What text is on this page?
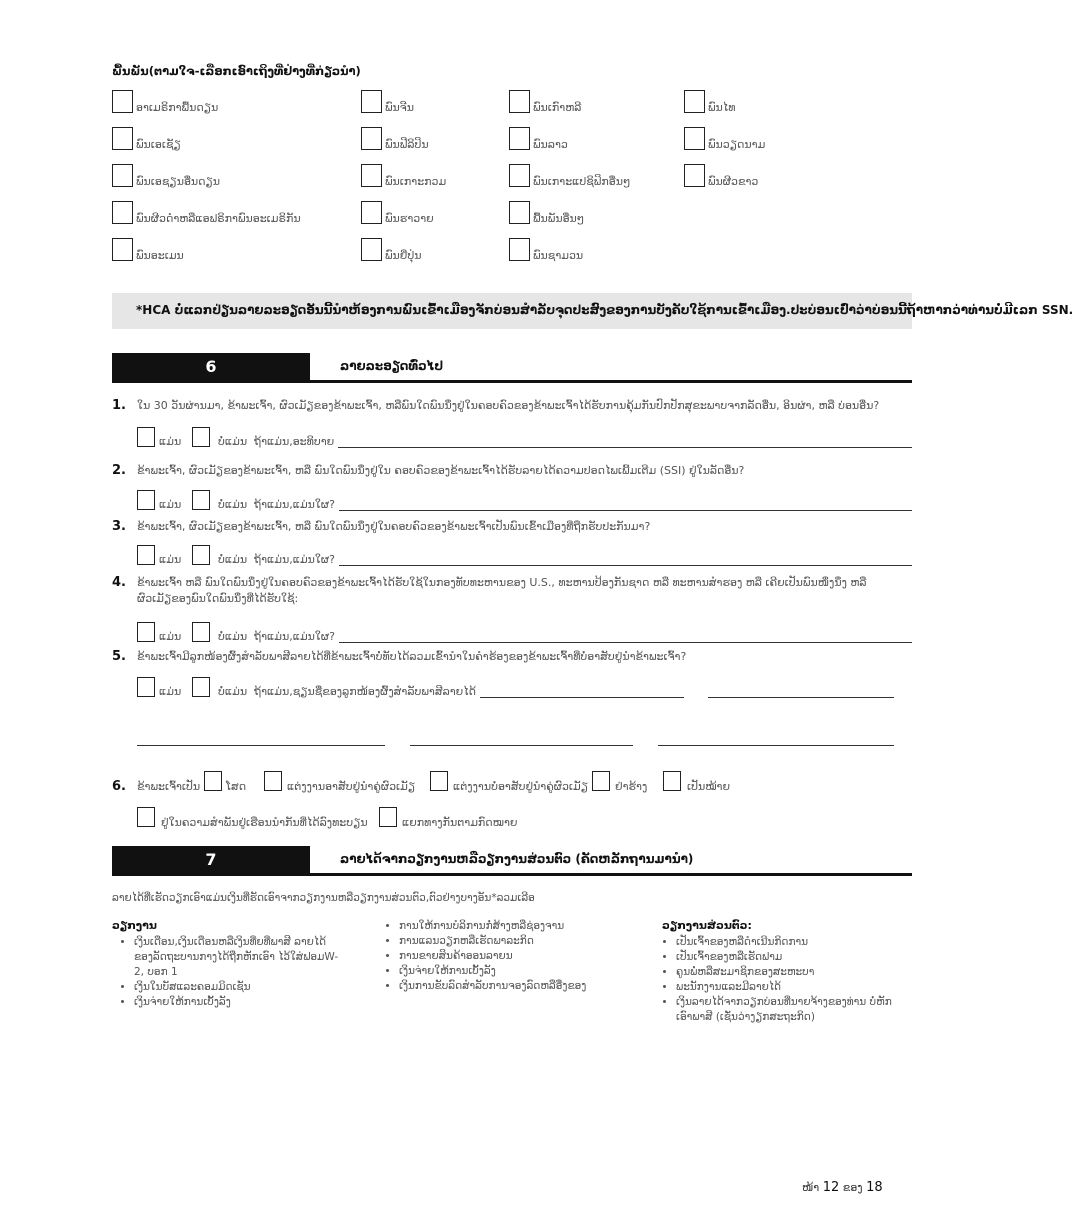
ພື້ນພັນ(ຕາມໃຈ-ເລືອກເອົາເຖິງທີ່ຢ່າງທີ່ກ່ຽວນຳ)
ອາເມຣິກາພື້ນດຽນ	ພົນຈີນ	ພົນເກົາຫລີ	ພົນໄທ
ພົນເອເຊັຽ	ພົນຟີລິປິນ	ພົນລາວ	ພົນວຽດນາມ
ພົນເອຊຽນອື່ນດຽນ	ພົນເກາະກວມ	ພົນເກາະແປຊິຟິກອື່ນໆ	ພົນຜີວຂາວ
ພົນຜີວດຳຫລືແອຟຣິກາພົນອະເມຣິກັນ	ພົນຮາວາຍ	ພື້ນພັນອື່ນໆ
ພົນອະເມນ	ພົນຍີ່ປຸ່ນ	ພົນຊາມວນ
*HCA ບໍ່ແລກປ່ຽນລາຍລະອຽດອັນນີ້ນຳຫ້ອງການພົນເຂົ້າເມືອງຈັກບ່ອນສໍາລັບຈຸດປະສົງຂອງການບັງຄັບໃຊ້ການເຂົ້າເມືອງ.ປະບ່ອນເປົ່າວ່າບ່ອນນີ້ຖ້າຫາກວ່າທ່ານບໍ່ມີເລກ SSN.
6	ລາຍລະອຽດທົ່ວໄປ
1. ໃນ 30 ວັນຜ່ານມາ, ຂ້າພະເຈົ້າ, ຜົວເມັຽຂອງຂ້າພະເຈົ້າ, ຫລືພົນໃດພົນນຶ່ງຢູ່ໃນຄອບຄົວຂອງຂ້າພະເຈົ້າໄດ້ຮັບການຄຸ້ມກັນປົກປັກສຸຂະພາບຈາກລັດອື່ນ, ອິນຜ່າ, ຫລື ບ່ອນອື່ນ?
ແມ່ນ	ບໍ່ແມ່ນ ຖ້າແມ່ນ,ອະທິບາຍ
2. ຂ້າພະເຈົ້າ, ຜົວເມັຽຂອງຂ້າພະເຈົ້າ, ຫລື ພົນໃດພົນນຶ່ງຢູ່ໃນ ຄອບຄົວຂອງຂ້າພະເຈົ້າໄດ້ຮັບລາຍໄດ້ຄວາມປອດໄພເພີ້ມເຕີມ (SSI) ຢູ່ໃນລັດອື່ນ?
ແມ່ນ	ບໍ່ແມ່ນ ຖ້າແມ່ນ,ແມ່ນໃຜ?
3. ຂ້າພະເຈົ້າ, ຜົວເມັຽຂອງຂ້າພະເຈົ້າ, ຫລື ພົນໃດພົນນຶ່ງຢູ່ໃນຄອບຄົວຂອງຂ້າພະເຈົ້າເປັນພົນເຂົ້າເມືອງທີ່ຖືກຮັບປະກັນມາ?
ແມ່ນ	ບໍ່ແມ່ນ ຖ້າແມ່ນ,ແມ່ນໃຜ?
4. ຂ້າພະເຈົ້າ ຫລື ພົນໃດພົນນຶ່ງຢູ່ໃນຄອບຄົວຂອງຂ້າພະເຈົ້າໄດ້ຮັບໃຊ້ໃນກອງທັບທະຫານຂອງ U.S., ທະຫານປ້ອງກັນຊາດ ຫລື ທະຫານສຳຮອງ ຫລື ເຄີຍເປັນພົນໜຶ່ງນຶ່ງ ຫລື
ຜົວເມັຽຂອງພົນໃດພົນນຶ່ງທີ່ໄດ້ຮັບໃຊ້:
ແມ່ນ	ບໍ່ແມ່ນ ຖ້າແມ່ນ,ແມ່ນໃຜ?
5. ຂ້າພະເຈົ້າມີລູກໜ້ອງຜົ້ງສຳລັບພາສີລາຍໄດ້ທີ່ຂ້າພະເຈົ້າບໍ່ທັບໄດ້ລວມເຂົ້ານຳໃນຄຳຮ້ອງຂອງຂ້າພະເຈົ້າທີ່ບໍ່ອາສັບຢູ່ນຳຂ້າພະເຈົ້າ?
ແມ່ນ	ບໍ່ແມ່ນ ຖ້າແມ່ນ,ຊຽນຊື່ຂອງລູກໜ້ອງຜົ້ງສຳລັບພາສີລາຍໄດ້
6. ຂ້າພະເຈົ້າເປັນ ໂສດ	ແຕ່ງງານອາສັບຢູ່ນຳຄູ່ຜົວເມັຽ	ແຕ່ງງານບໍ່ອາສັບຢູ່ນຳຄູ່ຜົວເມັຽ ຢ່າຮ້າງ	ເປັນໝ້າຍ
ຢູ່ໃນຄວາມສຳພັນຢູ່ເຮືອນນຳກັນທີ່ໄດ້ລົງທະບຽນ	ແຍກທາງກັນຕາມກົດໝາຍ
7	ລາຍໄດ້ຈາກວຽກງານຫລືວຽກງານສ່ວນຕົວ (ຄັດຫລັກຖານມານຳ)
ລາຍໄດ້ທີ່ເຮັດວຽກເອົາແມ່ນເງິນທີ່ຮັດເອົາຈາກວຽກງານຫລືວຽກງານສ່ວນຕົວ,ຕົວຢ່າງບາງອັນ*ລວມເລີອ
ວຽກງານ
• ເງິນເດືອນ,ເງິນເດືອນຫລືເງິນທີ່ຍທີ່ພາສີ ລາຍໄດ້ຂອງລັດຖະບານກາງໄດ້ຖືກຫັກເອົາ ໄວ້ໃສ່ຟອມW-2, ບອກ 1
• ເງິນໃນບັສແລະຄອມມິດເຊັນ
• ເງິນຈ່າຍໃຫ້ການເບັ້ງລັງ
• ການໃຫ້ການບໍລິການກໍ່ສ້າງຫລືຊ່ອງຈານ
• ການແລນວຽກຫລືເຮັດພາລະກິດ
• ການຂາຍສິນຄ້າອອນລາຍນ
• ເງິນຈ່າຍໃຫ້ການເບັ້ງລັງ
• ເງິນການຂັບລົດສຳລັບການຈອງລົດຫລືອື່ງຂອງ
ວຽກງານສ່ວນຕົວ:
• ເປັນເຈົ້າຂອງຫລືດຳເນີນກິດການ
• ເປັນເຈົ້າຂອງຫລືເຮັດຟາມ
• ຄູນພໍ່ຫລືສະມາຊິກຂອງສະຫະບາ
• ພະນັກງານແລະມີລາຍໄດ້
• ເງິນລາຍໄດ້ຈາກວຽກບ່ອນທີ່ນາຍຈ້າງຂອງທ່ານ ບໍ່ຫັກເອົາພາສີ (ເຊັ່ນວ່າງຽກສະຖະກິດ)
ໜ້າ 12 ຂອງ 18
